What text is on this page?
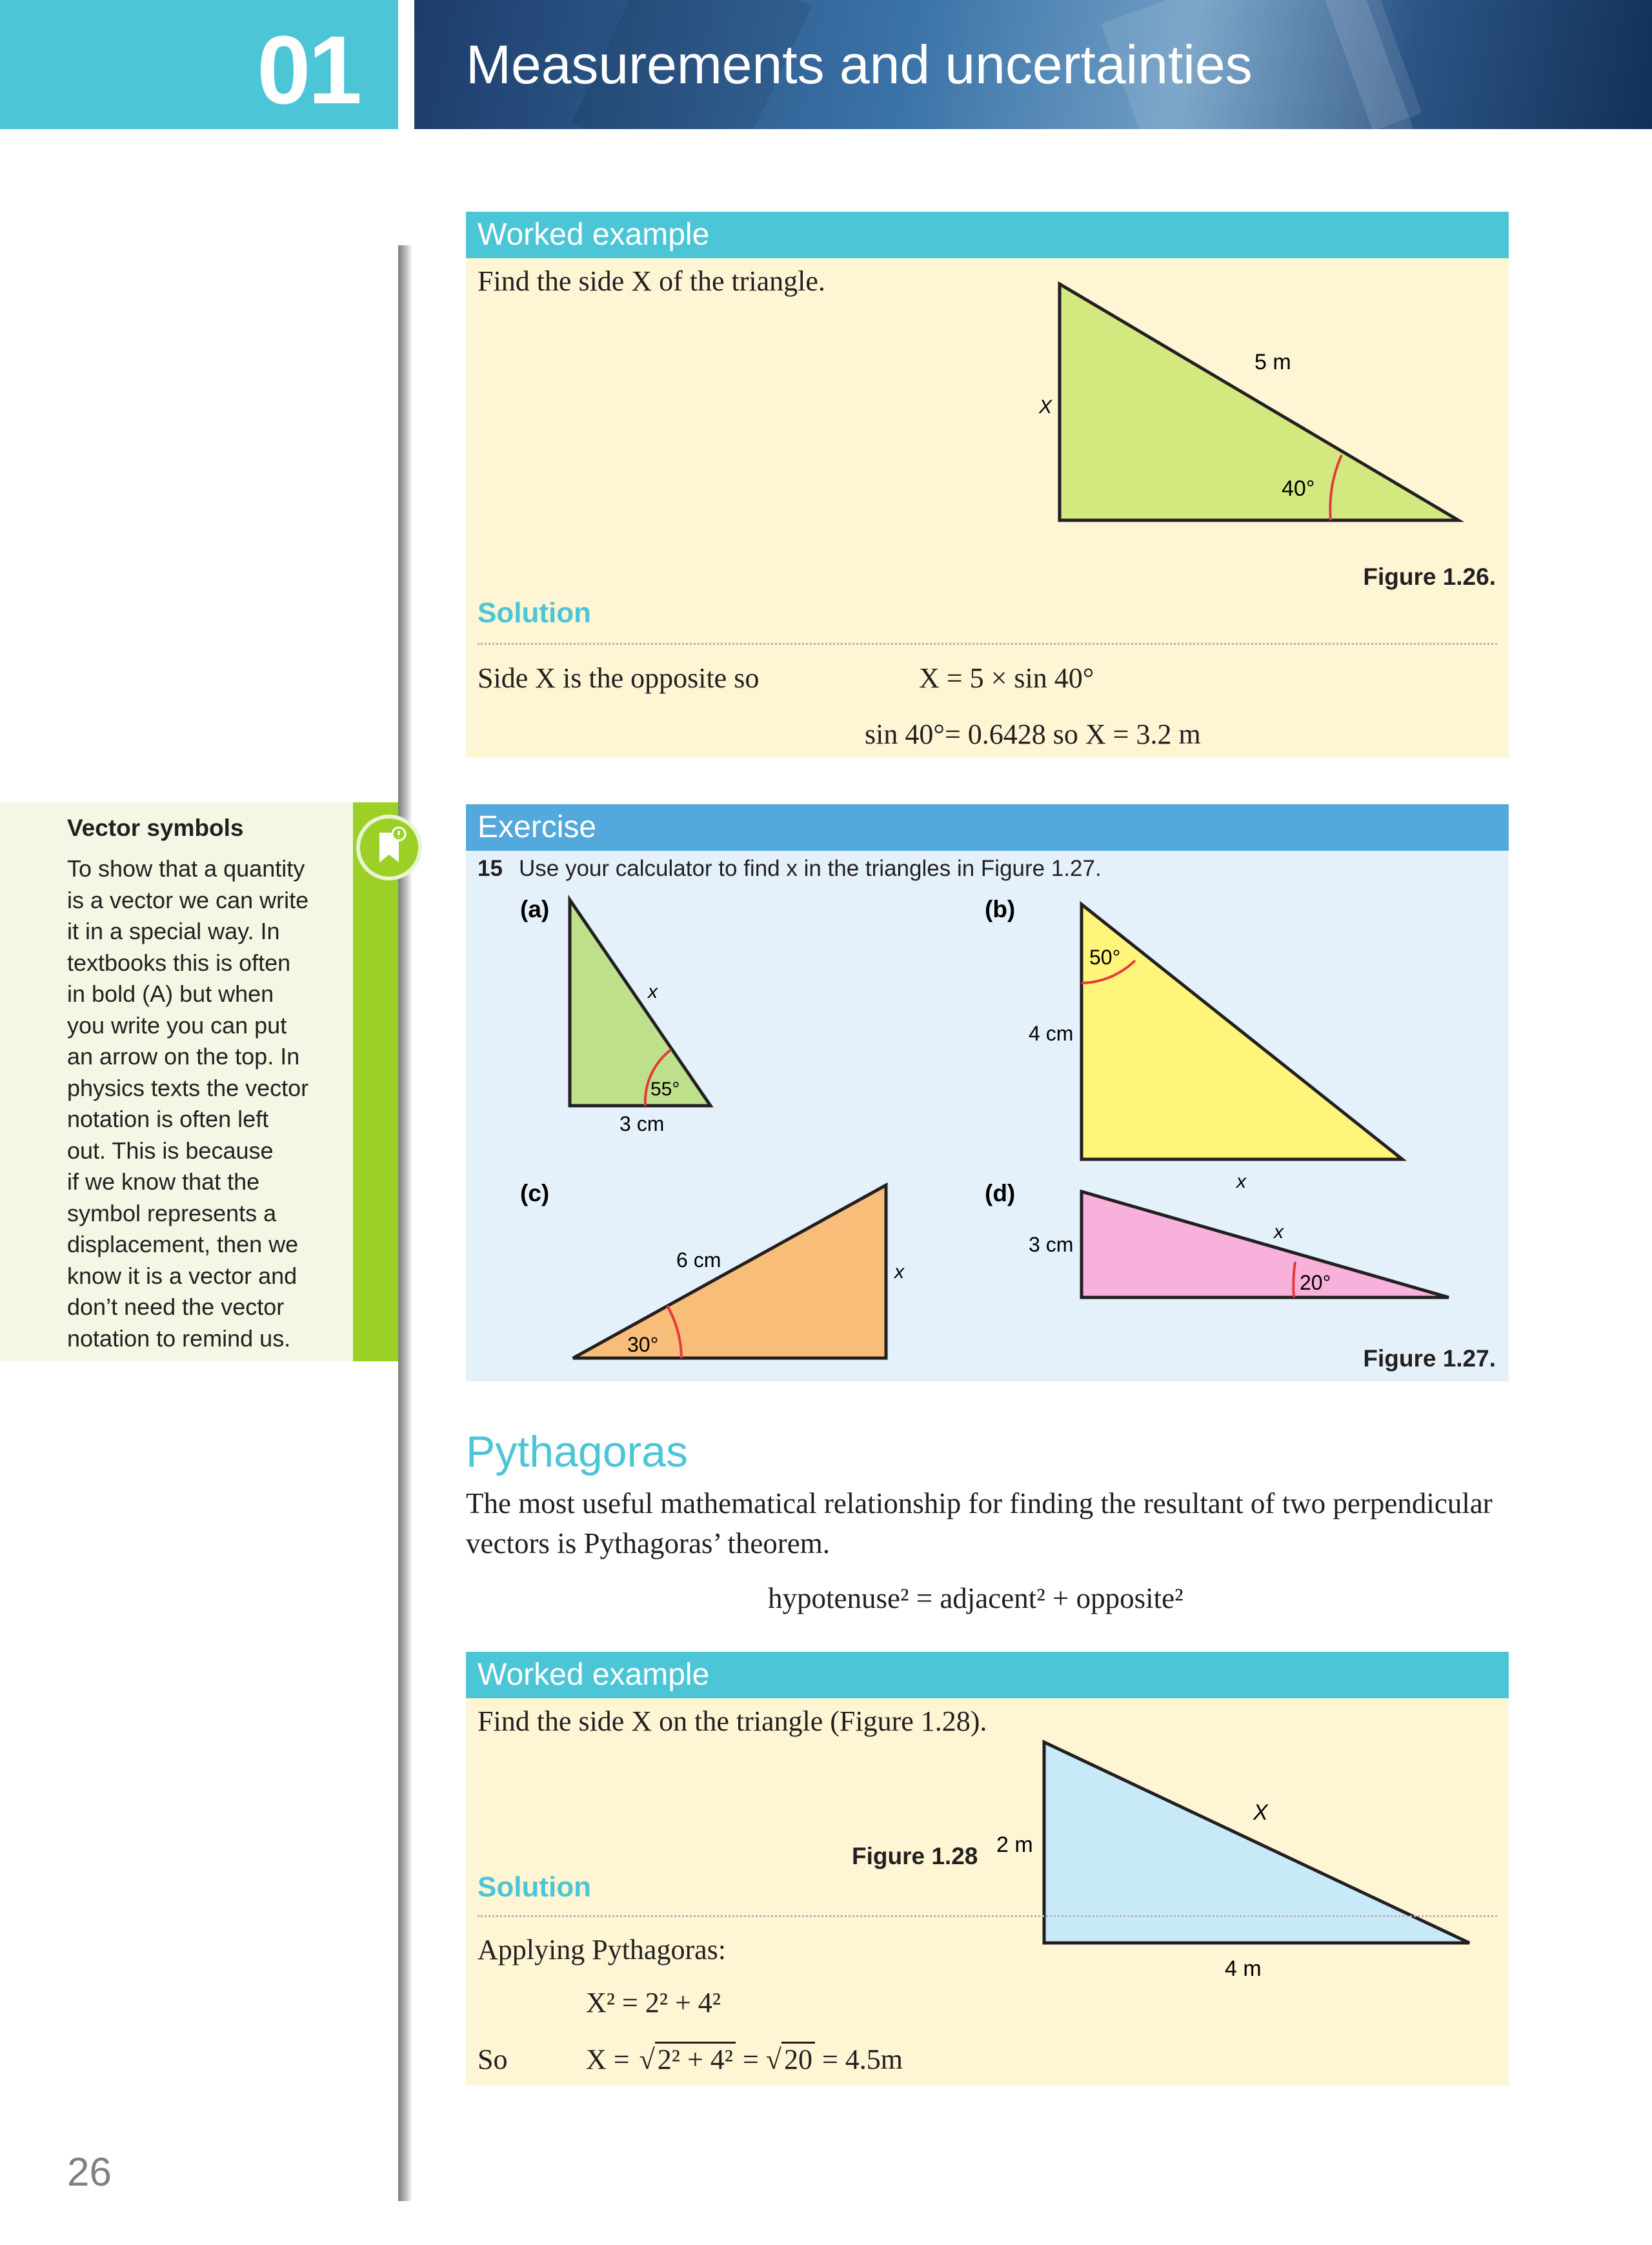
01 Measurements and uncertainties
Vector symbols
To show that a quantity
is a vector we can write
it in a special way. In
textbooks this is often
in bold (A) but when
you write you can put
an arrow on the top. In
physics texts the vector
notation is often left
out. This is because
if we know that the
symbol represents a
displacement, then we
know it is a vector and
don’t need the vector
notation to remind us.
Worked example
Find the side X of the triangle.
5 m
X
40°
Figure 1.26.
Solution
Side X is the opposite so	X = 5 × sin 40°
sin 40°= 0.6428 so X = 3.2 m
Exercise
15 Use your calculator to find x in the triangles in Figure 1.27.
(a)
x
55°
3 cm
(b)
50°
4 cm
x
(c)
6 cm
30°
x
(d)
3 cm
x
20°
Figure 1.27.
Pythagoras
The most useful mathematical relationship for finding the resultant of two perpendicular vectors is Pythagoras’ theorem.
hypotenuse² = adjacent² + opposite²
Worked example
Find the side X on the triangle (Figure 1.28).
X
2 m
4 m
Figure 1.28
Solution
Applying Pythagoras:
X² = 2² + 4²
So	X = √2² + 4² = √20 = 4.5m
26
